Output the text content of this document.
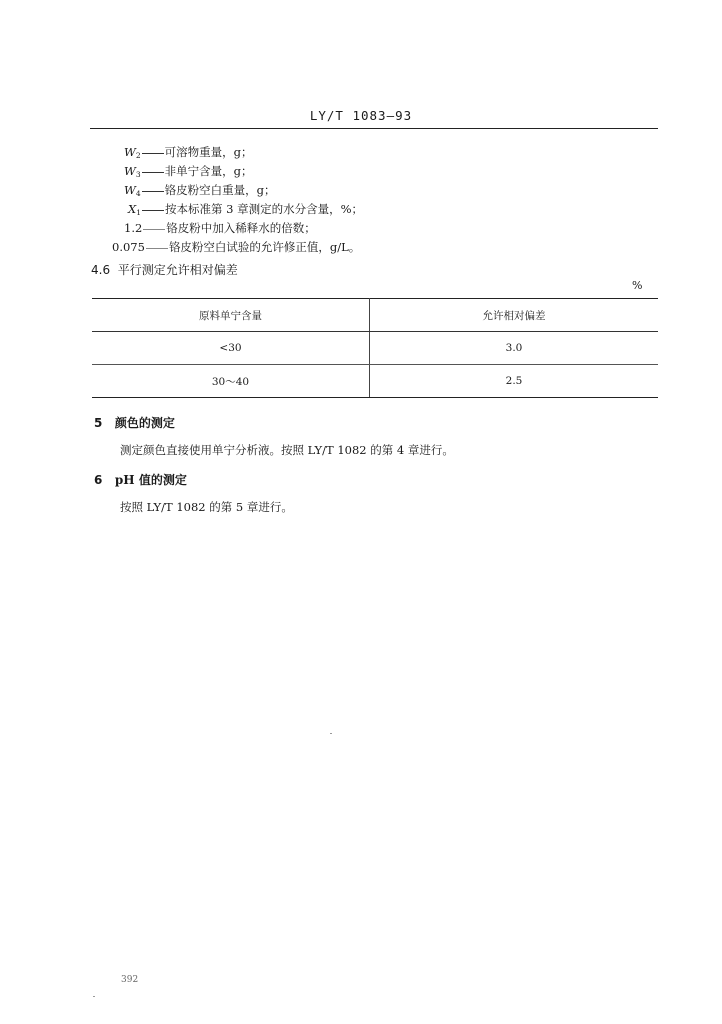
LY/T 1083—93
$W_2$ 可溶物重量，g；
$W_3$ 非单宁含量，g；
$W_4$ 铬皮粉空白重量，g；
$X_1$ 按本标准第 3 章测定的水分含量，%；
1.2 铬皮粉中加入稀释水的倍数；
0.075 铬皮粉空白试验的允许修正值，g/L。
4.6 平行测定允许相对偏差
%
原料单宁含量	允许相对偏差
<30	3.0
30～40	2.5
5 颜色的测定
测定颜色直接使用单宁分析液。按照 LY/T 1082 的第 4 章进行。
6 pH 值的测定
按照 LY/T 1082 的第 5 章进行。
392
